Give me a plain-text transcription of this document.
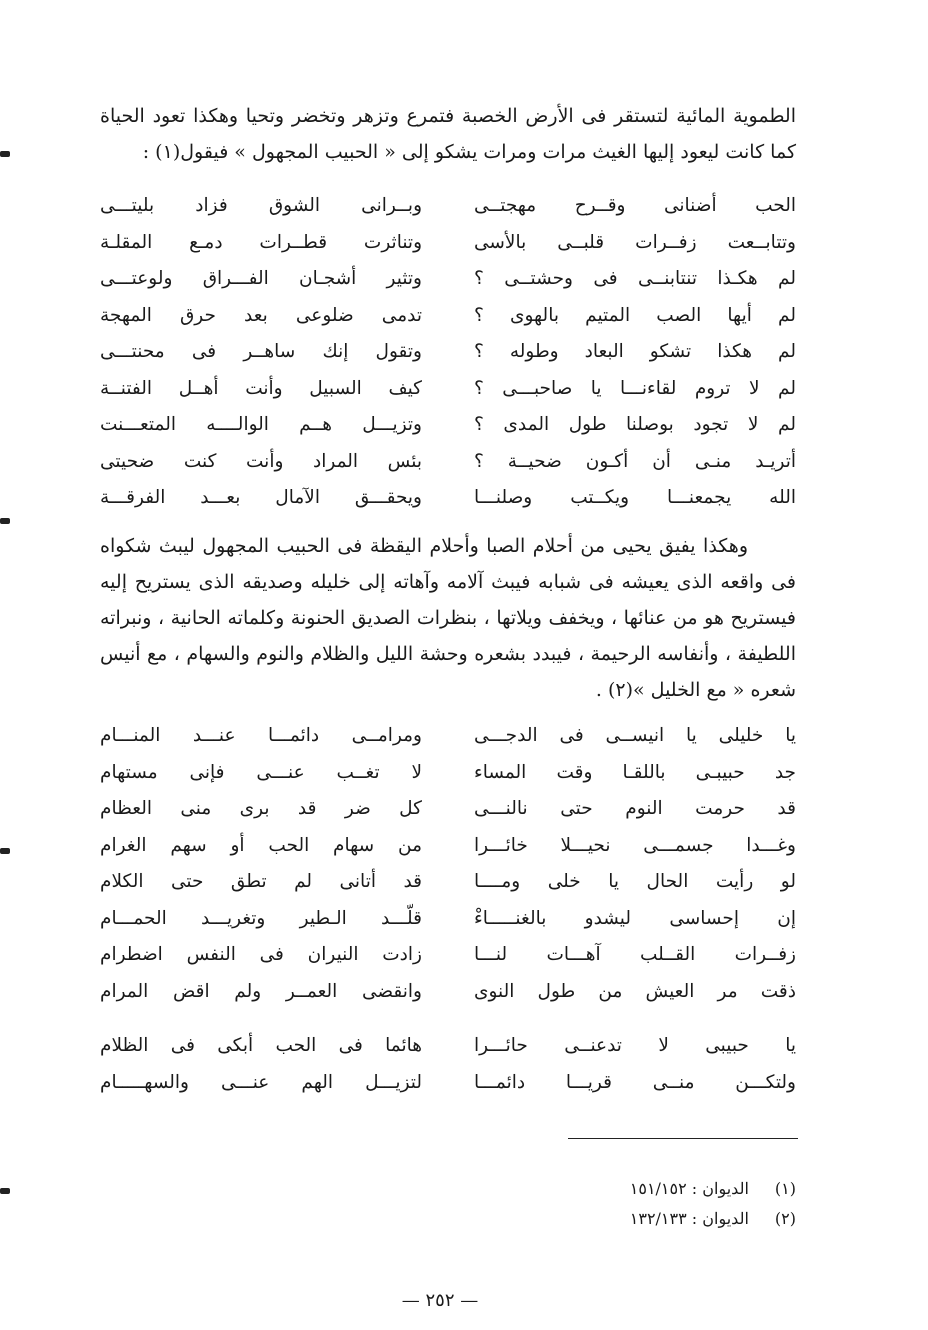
الطموية المائية لتستقر فى الأرض الخصبة فتمرع وتزهر وتخضر وتحيا وهكذا تعود الحياة كما كانت ليعود إليها الغيث مرات ومرات يشكو إلى « الحبيب المجهول » فيقول(١) :

الحب أضنانى وقــرح مهجتــى
وبــرانى الشوق فزاد بليتـــى
وتتابــعت زفــرات قلبــى بالأسى
وتناثرت قطــرات دمـع المقلـة
لم هكـذا تنتابنــى فى وحشتــى ؟
وتثير أشجـان الفـــراق ولوعتـــى
لم أيها الصب المتيم بالهوى ؟
تدمى ضلوعى بعد حرق المهجة
لم هكذا تشكو البعاد وطوله ؟
وتقول إنك ساهــر فى محنتـــى
لم لا تروم لقاءنـــا يا صاحبـــى ؟
كيف السبيل وأنت أهــل الفتنــة
لم لا تجود بوصلنا طول المدى ؟
وتزيـــل هــم الوالــــه المتعـــنت
أتريـد منـى أن أكـون ضحيــة ؟
بئس المراد وأنت كنت ضحيتى
الله يجمعنـــا ويكــتب وصلنـــا
ويحقـــق الآمال بعـــد الفرقـــة

وهكذا يفيق يحيى من أحلام الصبا وأحلام اليقظة فى الحبيب المجهول ليبث شكواه فى واقعه الذى يعيشه فى شبابه فيبث آلامه وآهاته إلى خليله وصديقه الذى يستريح إليه فيستريح هو من عنائها ، ويخفف ويلاتها ، بنظرات الصديق الحنونة وكلماته الحانية ، ونبراته اللطيفة ، وأنفاسه الرحيمة ، فيبدد بشعره وحشة الليل والظلام والنوم والسهام ، مع أنيس شعره « مع الخليل »(٢) .

يا خليلى يا انيســى فى الدجـــى
ومرامــى دائمـــا عنـــد المنـــام
جد حبيبـى باللقـا وقت المساء
لا تغــب عنـــى فإنى مستهام
قد حرمت النوم حتى نالنـــى
كل ضر قد برى منى العظام
وغـــدا جسمـــى نحيـــلا خائـــرا
من سهام الحب أو سهم الغرام
لو رأيت الحال يا خلى ومــــا
قد أتانى لم تطق حتى الكلام
إن إحساسى ليشدو بالغنـــــاءْ
قلّـــد الـطير وتغريـــد الحمـــام
زفــرات القــلب آهـــات لنـــا
زادت النيران فى النفس اضطرام
ذقت مر العيش من طول النوى
وانقضى العمــر ولم اقض المرام
يا حبيبى لا تدعنــى حائـــرا
هائما فى الحب أبكى فى الظلام
ولتكـــن منــى قريـــا دائمـــا
لتزيـــل الهم عنـــى والسهـــــام
(١) الديوان : ١٥١/١٥٢
(٢) الديوان : ١٣٢/١٣٣
— ٢٥٢ —
